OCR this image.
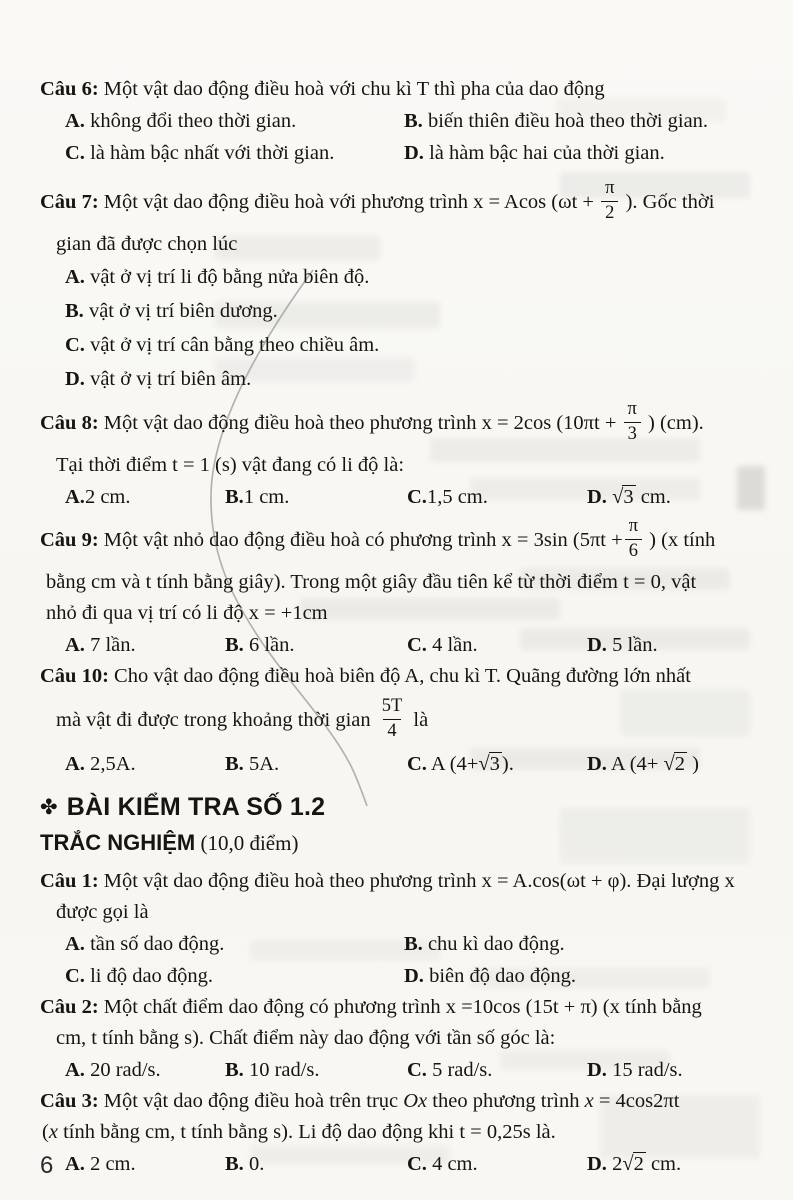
Câu 6: Một vật dao động điều hoà với chu kì T thì pha của dao động
A. không đổi theo thời gian.	B. biến thiên điều hoà theo thời gian.
C. là hàm bậc nhất với thời gian.	D. là hàm bậc hai của thời gian.
Câu 7: Một vật dao động điều hoà với phương trình x = Acos ($\omega t + \frac{\pi}{2}$ ). Gốc thời
gian đã được chọn lúc
A. vật ở vị trí li độ bằng nửa biên độ.
B. vật ở vị trí biên dương.
C. vật ở vị trí cân bằng theo chiều âm.
D. vật ở vị trí biên âm.
Câu 8: Một vật dao động điều hoà theo phương trình x = 2cos ($10\pi t + \frac{\pi}{3}$ ) (cm).
Tại thời điểm t = 1 (s) vật đang có li độ là:
A.2 cm.	B.1 cm.	C.1,5 cm.	D. √3 cm.
Câu 9: Một vật nhỏ dao động điều hoà có phương trình x = 3sin ($5\pi t + \frac{\pi}{6}$ ) (x tính
bằng cm và t tính bằng giây). Trong một giây đầu tiên kể từ thời điểm t = 0, vật
nhỏ đi qua vị trí có li độ x = +1cm
A. 7 lần.	B. 6 lần.	C. 4 lần.	D. 5 lần.
Câu 10: Cho vật dao động điều hoà biên độ A, chu kì T. Quãng đường lớn nhất
mà vật đi được trong khoảng thời gian $\frac{5T}{4}$ là
A. 2,5A.	B. 5A.	C. A (4+√3).	D. A (4+ √2 )
✤ BÀI KIỂM TRA SỐ 1.2
TRẮC NGHIỆM (10,0 điểm)
Câu 1: Một vật dao động điều hoà theo phương trình x = A.cos(ωt + φ). Đại lượng x
được gọi là
A. tần số dao động.	B. chu kì dao động.
C. li độ dao động.	D. biên độ dao động.
Câu 2: Một chất điểm dao động có phương trình x =10cos (15t + π) (x tính bằng
cm, t tính bằng s). Chất điểm này dao động với tần số góc là:
A. 20 rad/s.	B. 10 rad/s.	C. 5 rad/s.	D. 15 rad/s.
Câu 3: Một vật dao động điều hoà trên trục Ox theo phương trình x = 4cos2πt
(x tính bằng cm, t tính bằng s). Li độ dao động khi t = 0,25s là.
A. 2 cm.	B. 0.	C. 4 cm.	D. 2√2 cm.
6
